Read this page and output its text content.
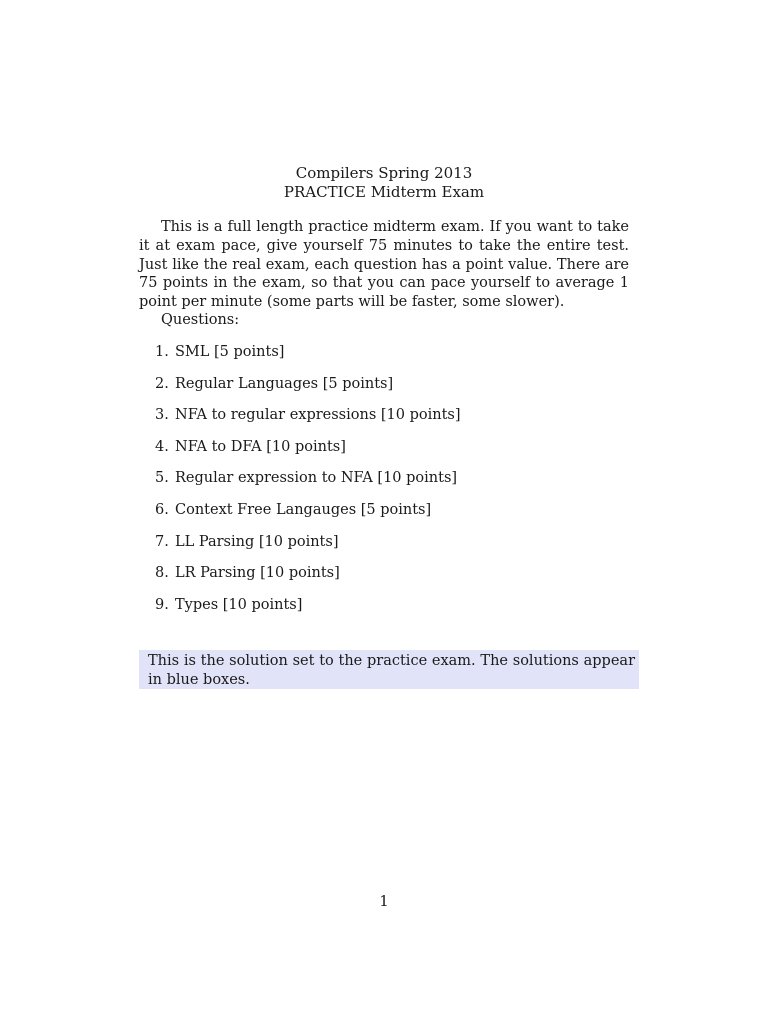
Compilers Spring 2013
PRACTICE Midterm Exam

This is a full length practice midterm exam. If you want to take it at exam pace, give yourself 75 minutes to take the entire test. Just like the real exam, each question has a point value. There are 75 points in the exam, so that you can pace yourself to average 1 point per minute (some parts will be faster, some slower).

Questions:
1. SML [5 points]
2. Regular Languages [5 points]
3. NFA to regular expressions [10 points]
4. NFA to DFA [10 points]
5. Regular expression to NFA [10 points]
6. Context Free Langauges [5 points]
7. LL Parsing [10 points]
8. LR Parsing [10 points]
9. Types [10 points]
This is the solution set to the practice exam. The solutions appear in blue boxes.
1
